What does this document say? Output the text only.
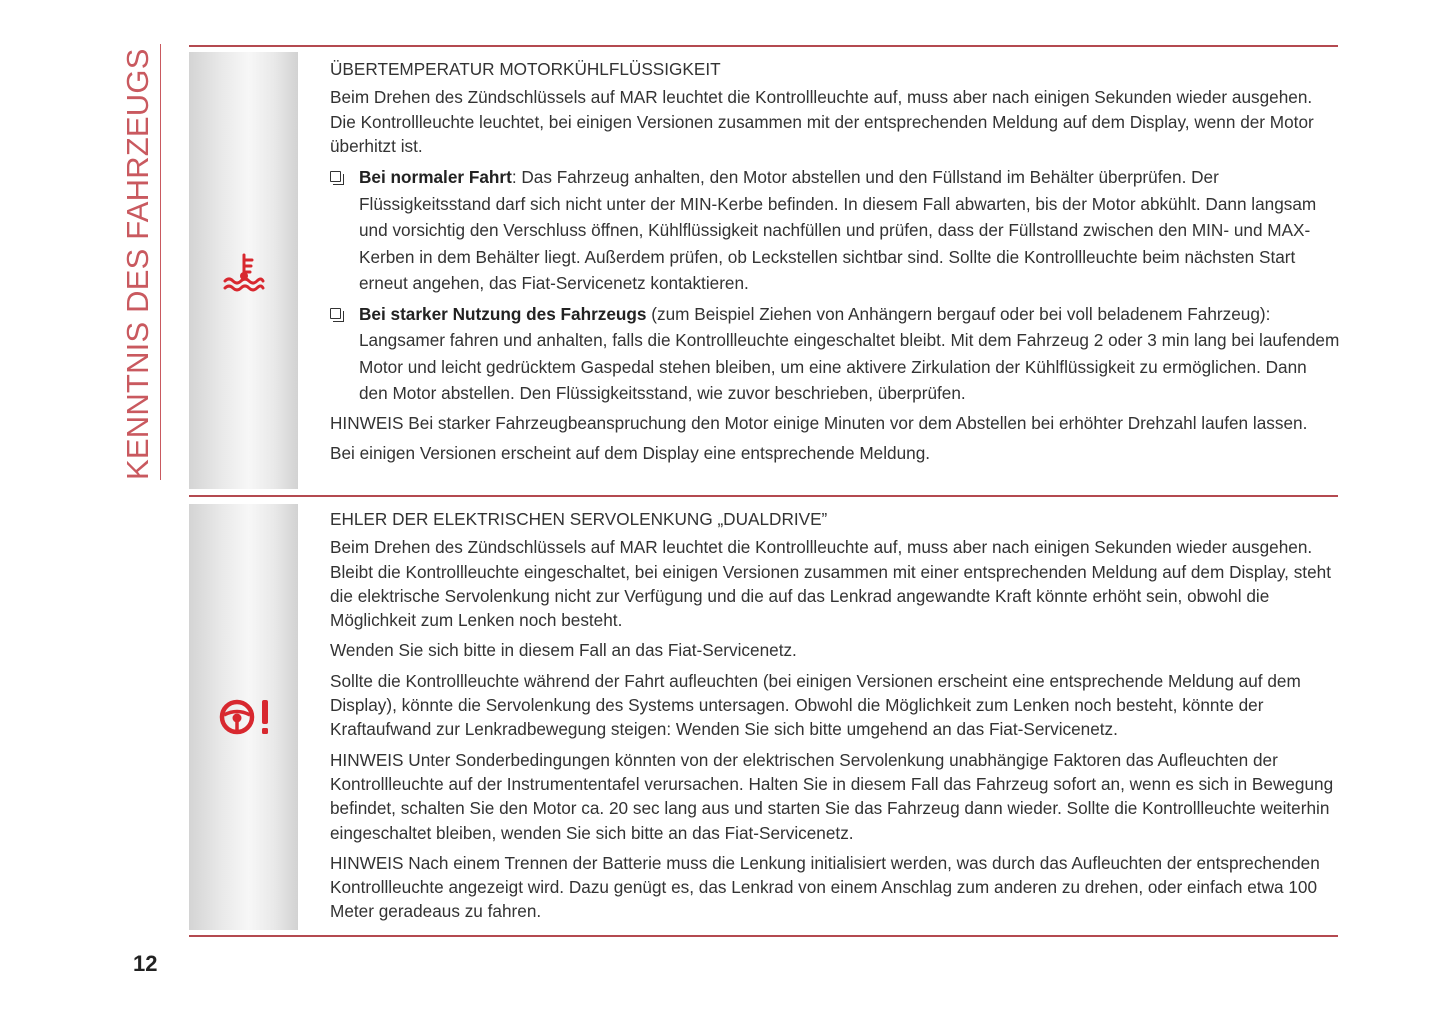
KENNTNIS DES FAHRZEUGS	ÜBERTEMPERATUR MOTORKÜHLFLÜSSIGKEIT

Beim Drehen des Zündschlüssels auf MAR leuchtet die Kontrollleuchte auf, muss aber nach einigen Sekunden wieder ausgehen. Die Kontrollleuchte leuchtet, bei einigen Versionen zusammen mit der entsprechenden Meldung auf dem Display, wenn der Motor überhitzt ist.

Bei normaler Fahrt: Das Fahrzeug anhalten, den Motor abstellen und den Füllstand im Behälter überprüfen. Der Flüssigkeitsstand darf sich nicht unter der MIN-Kerbe befinden. In diesem Fall abwarten, bis der Motor abkühlt. Dann langsam und vorsichtig den Verschluss öffnen, Kühlflüssigkeit nachfüllen und prüfen, dass der Füllstand zwischen den MIN- und MAX-Kerben in dem Behälter liegt. Außerdem prüfen, ob Leckstellen sichtbar sind. Sollte die Kontrollleuchte beim nächsten Start erneut angehen, das Fiat-Servicenetz kontaktieren.
Bei starker Nutzung des Fahrzeugs (zum Beispiel Ziehen von Anhängern bergauf oder bei voll beladenem Fahrzeug): Langsamer fahren und anhalten, falls die Kontrollleuchte eingeschaltet bleibt. Mit dem Fahrzeug 2 oder 3 min lang bei laufendem Motor und leicht gedrücktem Gaspedal stehen bleiben, um eine aktivere Zirkulation der Kühlflüssigkeit zu ermöglichen. Dann den Motor abstellen. Den Flüssigkeitsstand, wie zuvor beschrieben, überprüfen.

HINWEIS Bei starker Fahrzeugbeanspruchung den Motor einige Minuten vor dem Abstellen bei erhöhter Drehzahl laufen lassen.

Bei einigen Versionen erscheint auf dem Display eine entsprechende Meldung.

EHLER DER ELEKTRISCHEN SERVOLENKUNG „DUALDRIVE”

Beim Drehen des Zündschlüssels auf MAR leuchtet die Kontrollleuchte auf, muss aber nach einigen Sekunden wieder ausgehen. Bleibt die Kontrollleuchte eingeschaltet, bei einigen Versionen zusammen mit einer entsprechenden Meldung auf dem Display, steht die elektrische Servolenkung nicht zur Verfügung und die auf das Lenkrad angewandte Kraft könnte erhöht sein, obwohl die Möglichkeit zum Lenken noch besteht.

Wenden Sie sich bitte in diesem Fall an das Fiat-Servicenetz.

Sollte die Kontrollleuchte während der Fahrt aufleuchten (bei einigen Versionen erscheint eine entsprechende Meldung auf dem Display), könnte die Servolenkung des Systems untersagen. Obwohl die Möglichkeit zum Lenken noch besteht, könnte der Kraftaufwand zur Lenkradbewegung steigen: Wenden Sie sich bitte umgehend an das Fiat-Servicenetz.

HINWEIS Unter Sonderbedingungen könnten von der elektrischen Servolenkung unabhängige Faktoren das Aufleuchten der Kontrollleuchte auf der Instrumententafel verursachen. Halten Sie in diesem Fall das Fahrzeug sofort an, wenn es sich in Bewegung befindet, schalten Sie den Motor ca. 20 sec lang aus und starten Sie das Fahrzeug dann wieder. Sollte die Kontrollleuchte weiterhin eingeschaltet bleiben, wenden Sie sich bitte an das Fiat-Servicenetz.

HINWEIS Nach einem Trennen der Batterie muss die Lenkung initialisiert werden, was durch das Aufleuchten der entsprechenden Kontrollleuchte angezeigt wird. Dazu genügt es, das Lenkrad von einem Anschlag zum anderen zu drehen, oder einfach etwa 100 Meter geradeaus zu fahren.

12
